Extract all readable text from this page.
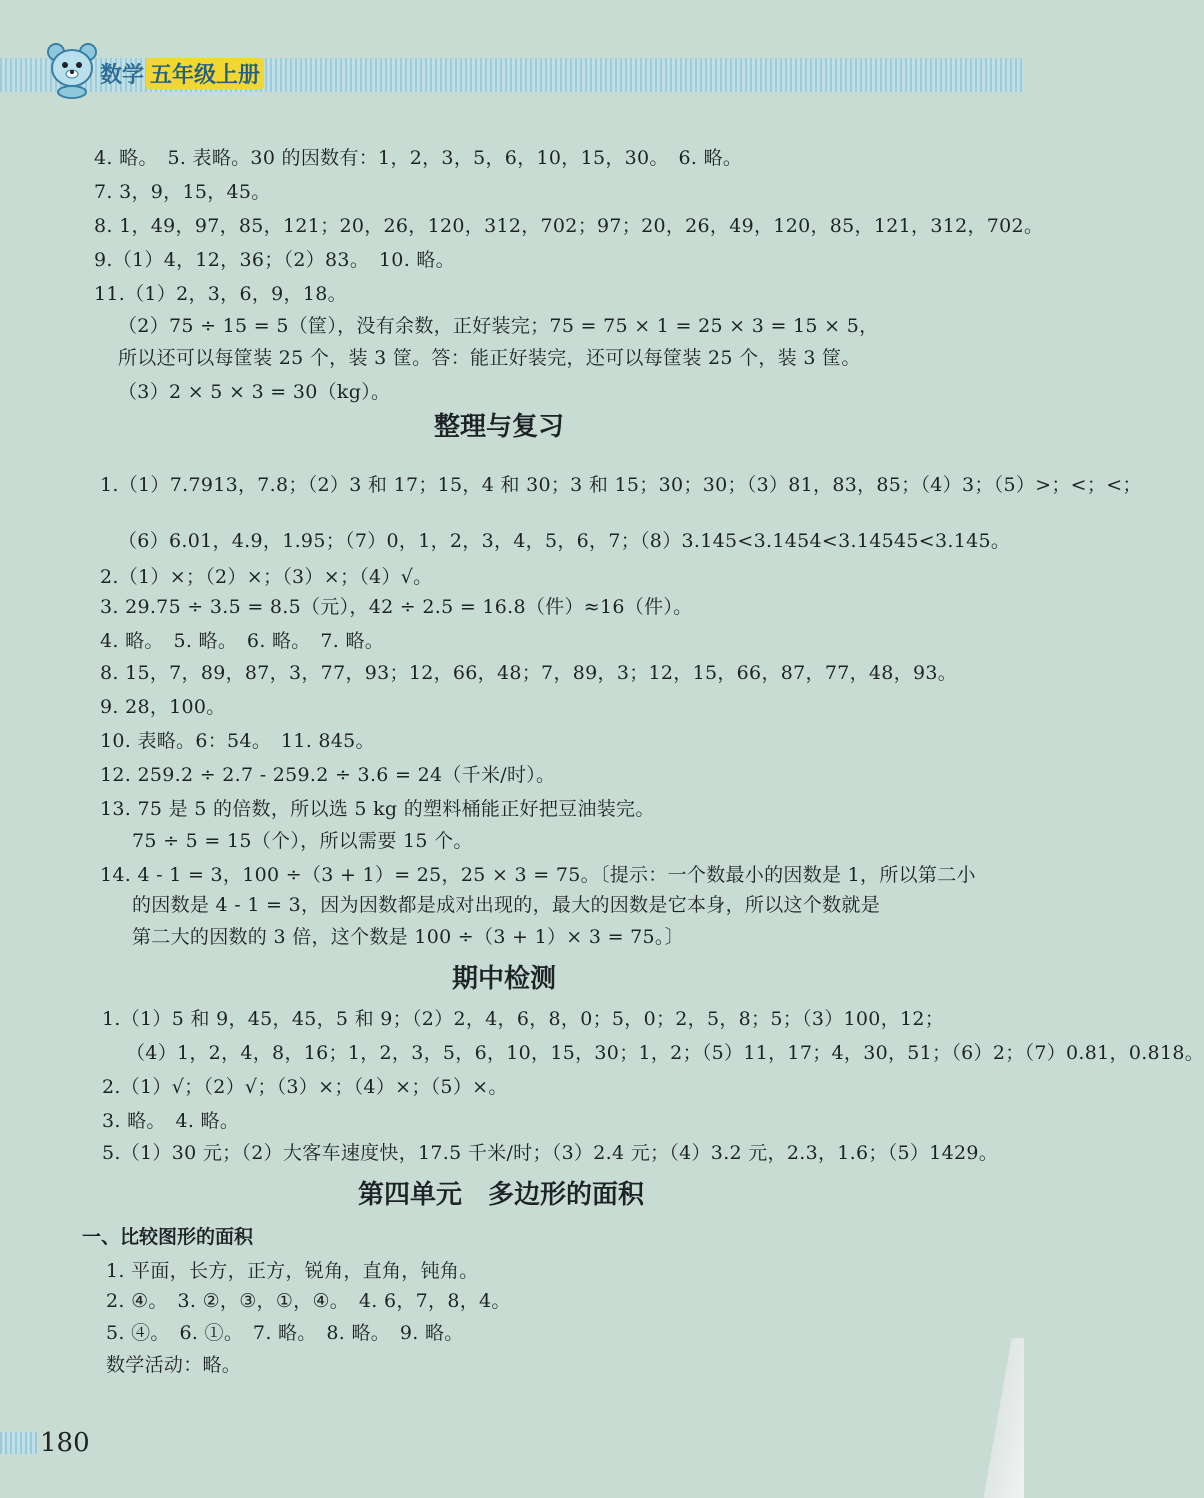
数学 五年级上册
4. 略。　5. 表略。30 的因数有：1，2，3，5，6，10，15，30。　6. 略。
7. 3，9，15，45。
8. 1，49，97，85，121；20，26，120，312，702；97；20，26，49，120，85，121，312，702。
9.（1）4，12，36；（2）83。　10. 略。
11.（1）2，3，6，9，18。
（2）75 ÷ 15 = 5（筐），没有余数，正好装完；75 = 75 × 1 = 25 × 3 = 15 × 5，
所以还可以每筐装 25 个，装 3 筐。答：能正好装完，还可以每筐装 25 个，装 3 筐。
（3）2 × 5 × 3 = 30（kg）。
整理与复习
1.（1）7.7913，7.8；（2）3 和 17；15，4 和 30；3 和 15；30；30；（3）81，83，85；（4）3；（5）>；<；<；
（6）6.01，4.9，1.95；（7）0，1，2，3，4，5，6，7；（8）3.145<3.1454<3.14545<3.145。
2.（1）×；（2）×；（3）×；（4）√。
3. 29.75 ÷ 3.5 = 8.5（元），42 ÷ 2.5 = 16.8（件）≈16（件）。
4. 略。　5. 略。　6. 略。　7. 略。
8. 15，7，89，87，3，77，93；12，66，48；7，89，3；12，15，66，87，77，48，93。
9. 28，100。
10. 表略。6：54。　11. 845。
12. 259.2 ÷ 2.7 - 259.2 ÷ 3.6 = 24（千米/时）。
13. 75 是 5 的倍数，所以选 5 kg 的塑料桶能正好把豆油装完。
75 ÷ 5 = 15（个），所以需要 15 个。
14. 4 - 1 = 3，100 ÷（3 + 1）= 25，25 × 3 = 75。〔提示：一个数最小的因数是 1，所以第二小
的因数是 4 - 1 = 3，因为因数都是成对出现的，最大的因数是它本身，所以这个数就是
第二大的因数的 3 倍，这个数是 100 ÷（3 + 1）× 3 = 75。〕
期中检测
1.（1）5 和 9，45，45，5 和 9；（2）2，4，6，8，0；5，0；2，5，8；5；（3）100，12；
（4）1，2，4，8，16；1，2，3，5，6，10，15，30；1，2；（5）11，17；4，30，51；（6）2；（7）0.81，0.818。
2.（1）√；（2）√；（3）×；（4）×；（5）×。
3. 略。　4. 略。
5.（1）30 元；（2）大客车速度快，17.5 千米/时；（3）2.4 元；（4）3.2 元，2.3，1.6；（5）1429。
第四单元　多边形的面积
一、比较图形的面积
1. 平面，长方，正方，锐角，直角，钝角。
2. ④。　3. ②，③，①，④。　4. 6，7，8，4。
5. ④。　6. ①。　7. 略。　8. 略。　9. 略。
数学活动：略。
180
